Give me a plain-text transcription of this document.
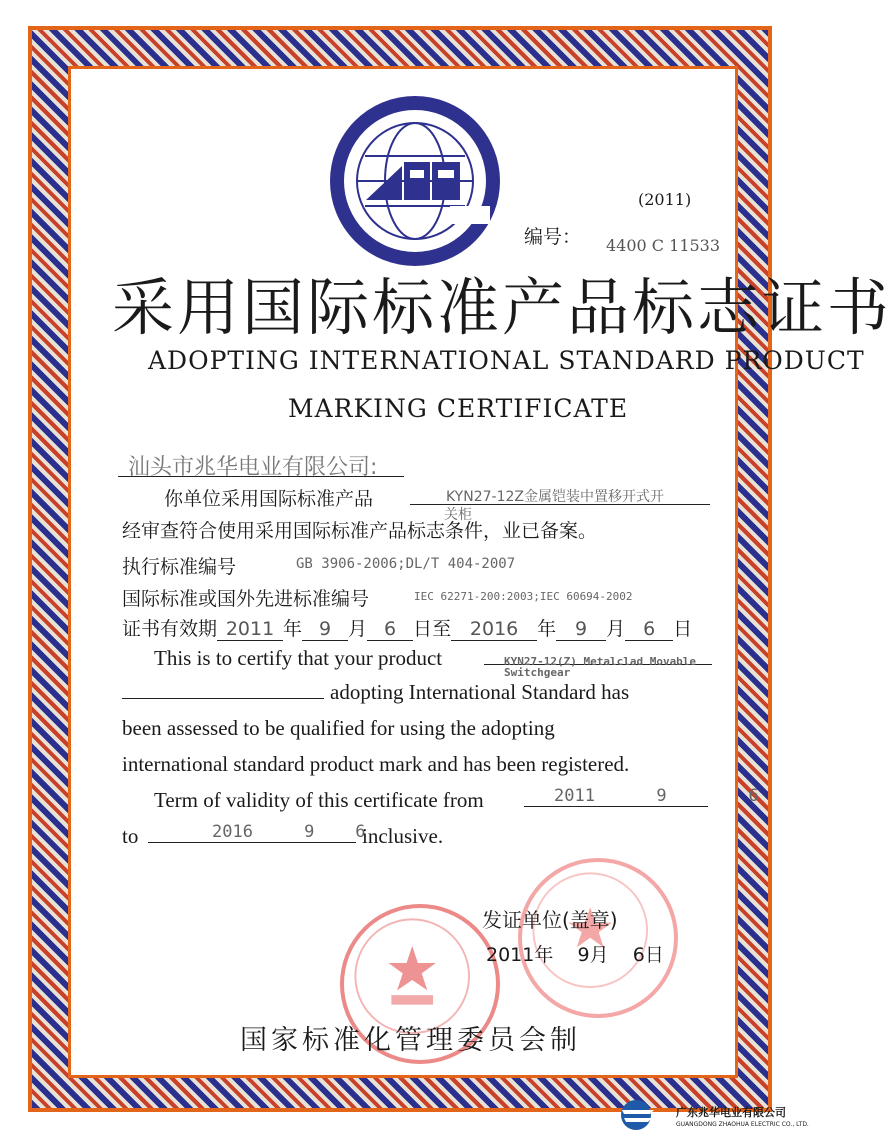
(2011)
编号： 4400 C 11533
采用国际标准产品标志证书
ADOPTING INTERNATIONAL STANDARD PRODUCT
MARKING CERTIFICATE
汕头市兆华电业有限公司:
你单位采用国际标准产品	KYN27-12Z金属铠装中置移开式开
关柜
经审查符合使用采用国际标准产品标志条件，业已备案。
执行标准编号	GB 3906-2006;DL/T 404-2007
国际标准或国外先进标准编号	IEC 62271-200:2003;IEC 60694-2002
证书有效期 2011 年 9 月 6 日至 2016 年 9 月 6 日
This is to certify that your product	KYN27-12(Z) Metalclad Movable
Switchgear
adopting International Standard has
been assessed to be qualified for using the adopting
international standard product mark and has been registered.
Term of validity of this certificate from	2011      9        6
to	2016     9    6
inclusive.
发证单位(盖章)
2011年    9月    6日
国家标准化管理委员会制
广东兆华电业有限公司
GUANGDONG ZHAOHUA ELECTRIC CO., LTD.
